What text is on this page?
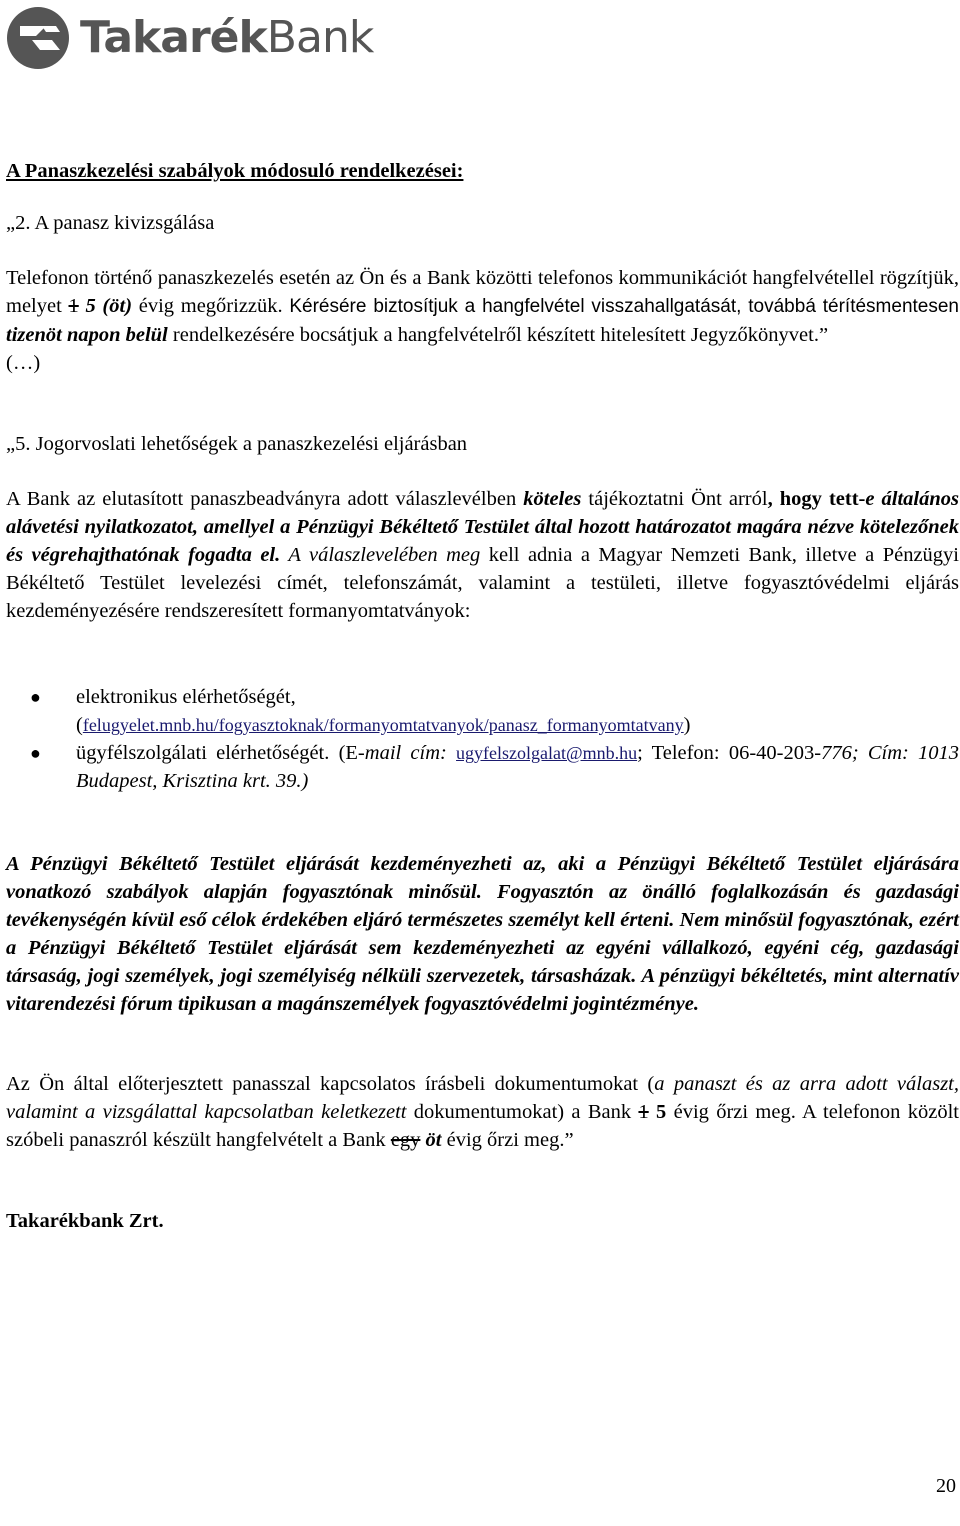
TakarékBank

A Panaszkezelési szabályok módosuló rendelkezései:

„2. A panasz kivizsgálása

Telefonon történő panaszkezelés esetén az Ön és a Bank közötti telefonos kommunikációt hangfelvétellel rögzítjük, melyet 1 5 (öt) évig megőrizzük. Kérésére biztosítjuk a hangfelvétel visszahallgatását, továbbá térítésmentesen tizenöt napon belül rendelkezésére bocsátjuk a hangfelvételről készített hitelesített Jegyzőkönyvet.”
(…)

„5. Jogorvoslati lehetőségek a panaszkezelési eljárásban

A Bank az elutasított panaszbeadványra adott válaszlevélben köteles tájékoztatni Önt arról, hogy tett-e általános alávetési nyilatkozatot, amellyel a Pénzügyi Békéltető Testület által hozott határozatot magára nézve kötelezőnek és végrehajthatónak fogadta el. A válaszlevelében meg kell adnia a Magyar Nemzeti Bank, illetve a Pénzügyi Békéltető Testület levelezési címét, telefonszámát, valamint a testületi, illetve fogyasztóvédelmi eljárás kezdeményezésére rendszeresített formanyomtatványok:

● elektronikus elérhetőségét,
(felugyelet.mnb.hu/fogyasztoknak/formanyomtatvanyok/panasz_formanyomtatvany)
● ügyfélszolgálati elérhetőségét. (E-mail cím: ugyfelszolgalat@mnb.hu; Telefon: 06-40-203-776; Cím: 1013 Budapest, Krisztina krt. 39.)

A Pénzügyi Békéltető Testület eljárását kezdeményezheti az, aki a Pénzügyi Békéltető Testület eljárására vonatkozó szabályok alapján fogyasztónak minősül. Fogyasztón az önálló foglalkozásán és gazdasági tevékenységén kívül eső célok érdekében eljáró természetes személyt kell érteni. Nem minősül fogyasztónak, ezért a Pénzügyi Békéltető Testület eljárását sem kezdeményezheti az egyéni vállalkozó, egyéni cég, gazdasági társaság, jogi személyek, jogi személyiség nélküli szervezetek, társasházak. A pénzügyi békéltetés, mint alternatív vitarendezési fórum tipikusan a magánszemélyek fogyasztóvédelmi jogintézménye.

Az Ön által előterjesztett panasszal kapcsolatos írásbeli dokumentumokat (a panaszt és az arra adott választ, valamint a vizsgálattal kapcsolatban keletkezett dokumentumokat) a Bank 1 5 évig őrzi meg. A telefonon közölt szóbeli panaszról készült hangfelvételt a Bank egy öt évig őrzi meg.”

Takarékbank Zrt.

20
